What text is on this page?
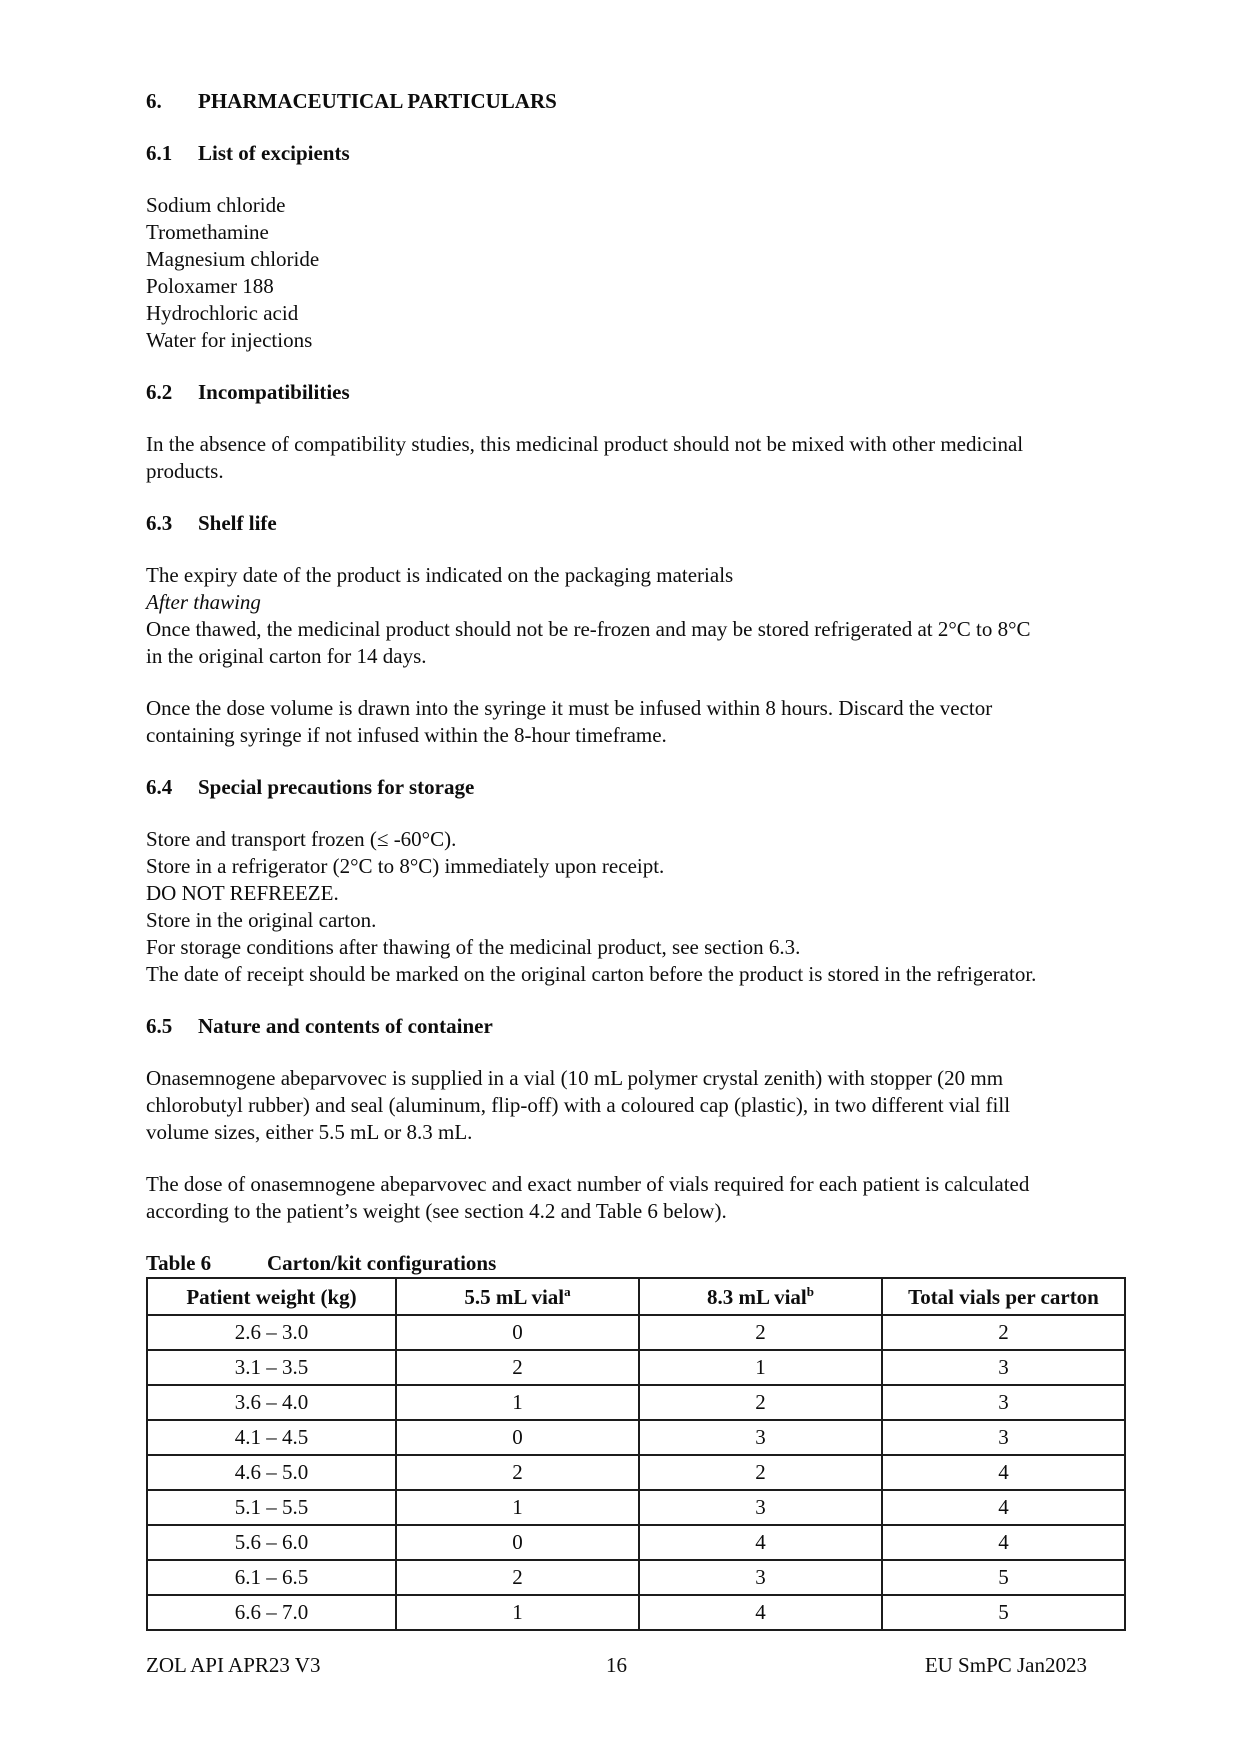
6. PHARMACEUTICAL PARTICULARS
6.1 List of excipients
Sodium chloride
Tromethamine
Magnesium chloride
Poloxamer 188
Hydrochloric acid
Water for injections
6.2 Incompatibilities
In the absence of compatibility studies, this medicinal product should not be mixed with other medicinal
products.
6.3 Shelf life
The expiry date of the product is indicated on the packaging materials
After thawing
Once thawed, the medicinal product should not be re-frozen and may be stored refrigerated at 2°C to 8°C
in the original carton for 14 days.
Once the dose volume is drawn into the syringe it must be infused within 8 hours. Discard the vector
containing syringe if not infused within the 8-hour timeframe.
6.4 Special precautions for storage
Store and transport frozen (≤ -60°C).
Store in a refrigerator (2°C to 8°C) immediately upon receipt.
DO NOT REFREEZE.
Store in the original carton.
For storage conditions after thawing of the medicinal product, see section 6.3.
The date of receipt should be marked on the original carton before the product is stored in the refrigerator.
6.5 Nature and contents of container
Onasemnogene abeparvovec is supplied in a vial (10 mL polymer crystal zenith) with stopper (20 mm
chlorobutyl rubber) and seal (aluminum, flip-off) with a coloured cap (plastic), in two different vial fill
volume sizes, either 5.5 mL or 8.3 mL.
The dose of onasemnogene abeparvovec and exact number of vials required for each patient is calculated
according to the patient’s weight (see section 4.2 and Table 6 below).
Table 6	Carton/kit configurations
Patient weight (kg)	5.5 mL vial$^a$	8.3 mL vial$^b$	Total vials per carton
2.6 – 3.0	0	2	2
3.1 – 3.5	2	1	3
3.6 – 4.0	1	2	3
4.1 – 4.5	0	3	3
4.6 – 5.0	2	2	4
5.1 – 5.5	1	3	4
5.6 – 6.0	0	4	4
6.1 – 6.5	2	3	5
6.6 – 7.0	1	4	5
ZOL API APR23 V3	16	EU SmPC Jan2023
